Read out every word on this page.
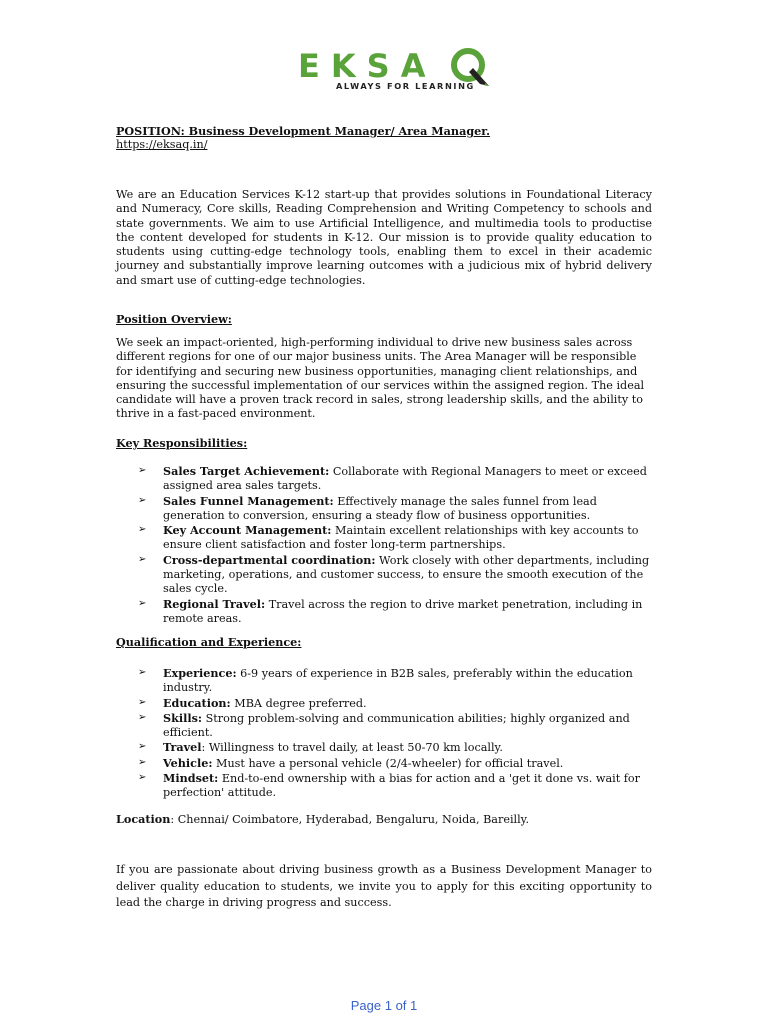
EKSA
ALWAYS FOR LEARNING
POSITION: Business Development Manager/ Area Manager.
https://eksaq.in/
We are an Education Services K-12 start-up that provides solutions in Foundational Literacy and Numeracy, Core skills, Reading Comprehension and Writing Competency to schools and state governments. We aim to use Artificial Intelligence, and multimedia tools to productise the content developed for students in K-12. Our mission is to provide quality education to students using cutting-edge technology tools, enabling them to excel in their academic journey and substantially improve learning outcomes with a judicious mix of hybrid delivery and smart use of cutting-edge technologies.
Position Overview:
We seek an impact-oriented, high-performing individual to drive new business sales across different regions for one of our major business units. The Area Manager will be responsible for identifying and securing new business opportunities, managing client relationships, and ensuring the successful implementation of our services within the assigned region. The ideal candidate will have a proven track record in sales, strong leadership skills, and the ability to thrive in a fast-paced environment.
Key Responsibilities:
➢ Sales Target Achievement: Collaborate with Regional Managers to meet or exceed assigned area sales targets.
➢ Sales Funnel Management: Effectively manage the sales funnel from lead generation to conversion, ensuring a steady flow of business opportunities.
➢ Key Account Management: Maintain excellent relationships with key accounts to ensure client satisfaction and foster long-term partnerships.
➢ Cross-departmental coordination: Work closely with other departments, including marketing, operations, and customer success, to ensure the smooth execution of the sales cycle.
➢ Regional Travel: Travel across the region to drive market penetration, including in remote areas.
Qualification and Experience:
➢ Experience: 6-9 years of experience in B2B sales, preferably within the education industry.
➢ Education: MBA degree preferred.
➢ Skills: Strong problem-solving and communication abilities; highly organized and efficient.
➢ Travel: Willingness to travel daily, at least 50-70 km locally.
➢ Vehicle: Must have a personal vehicle (2/4-wheeler) for official travel.
➢ Mindset: End-to-end ownership with a bias for action and a 'get it done vs. wait for perfection' attitude.
Location: Chennai/ Coimbatore, Hyderabad, Bengaluru, Noida, Bareilly.
If you are passionate about driving business growth as a Business Development Manager to deliver quality education to students, we invite you to apply for this exciting opportunity to lead the charge in driving progress and success.
Page 1 of 1
